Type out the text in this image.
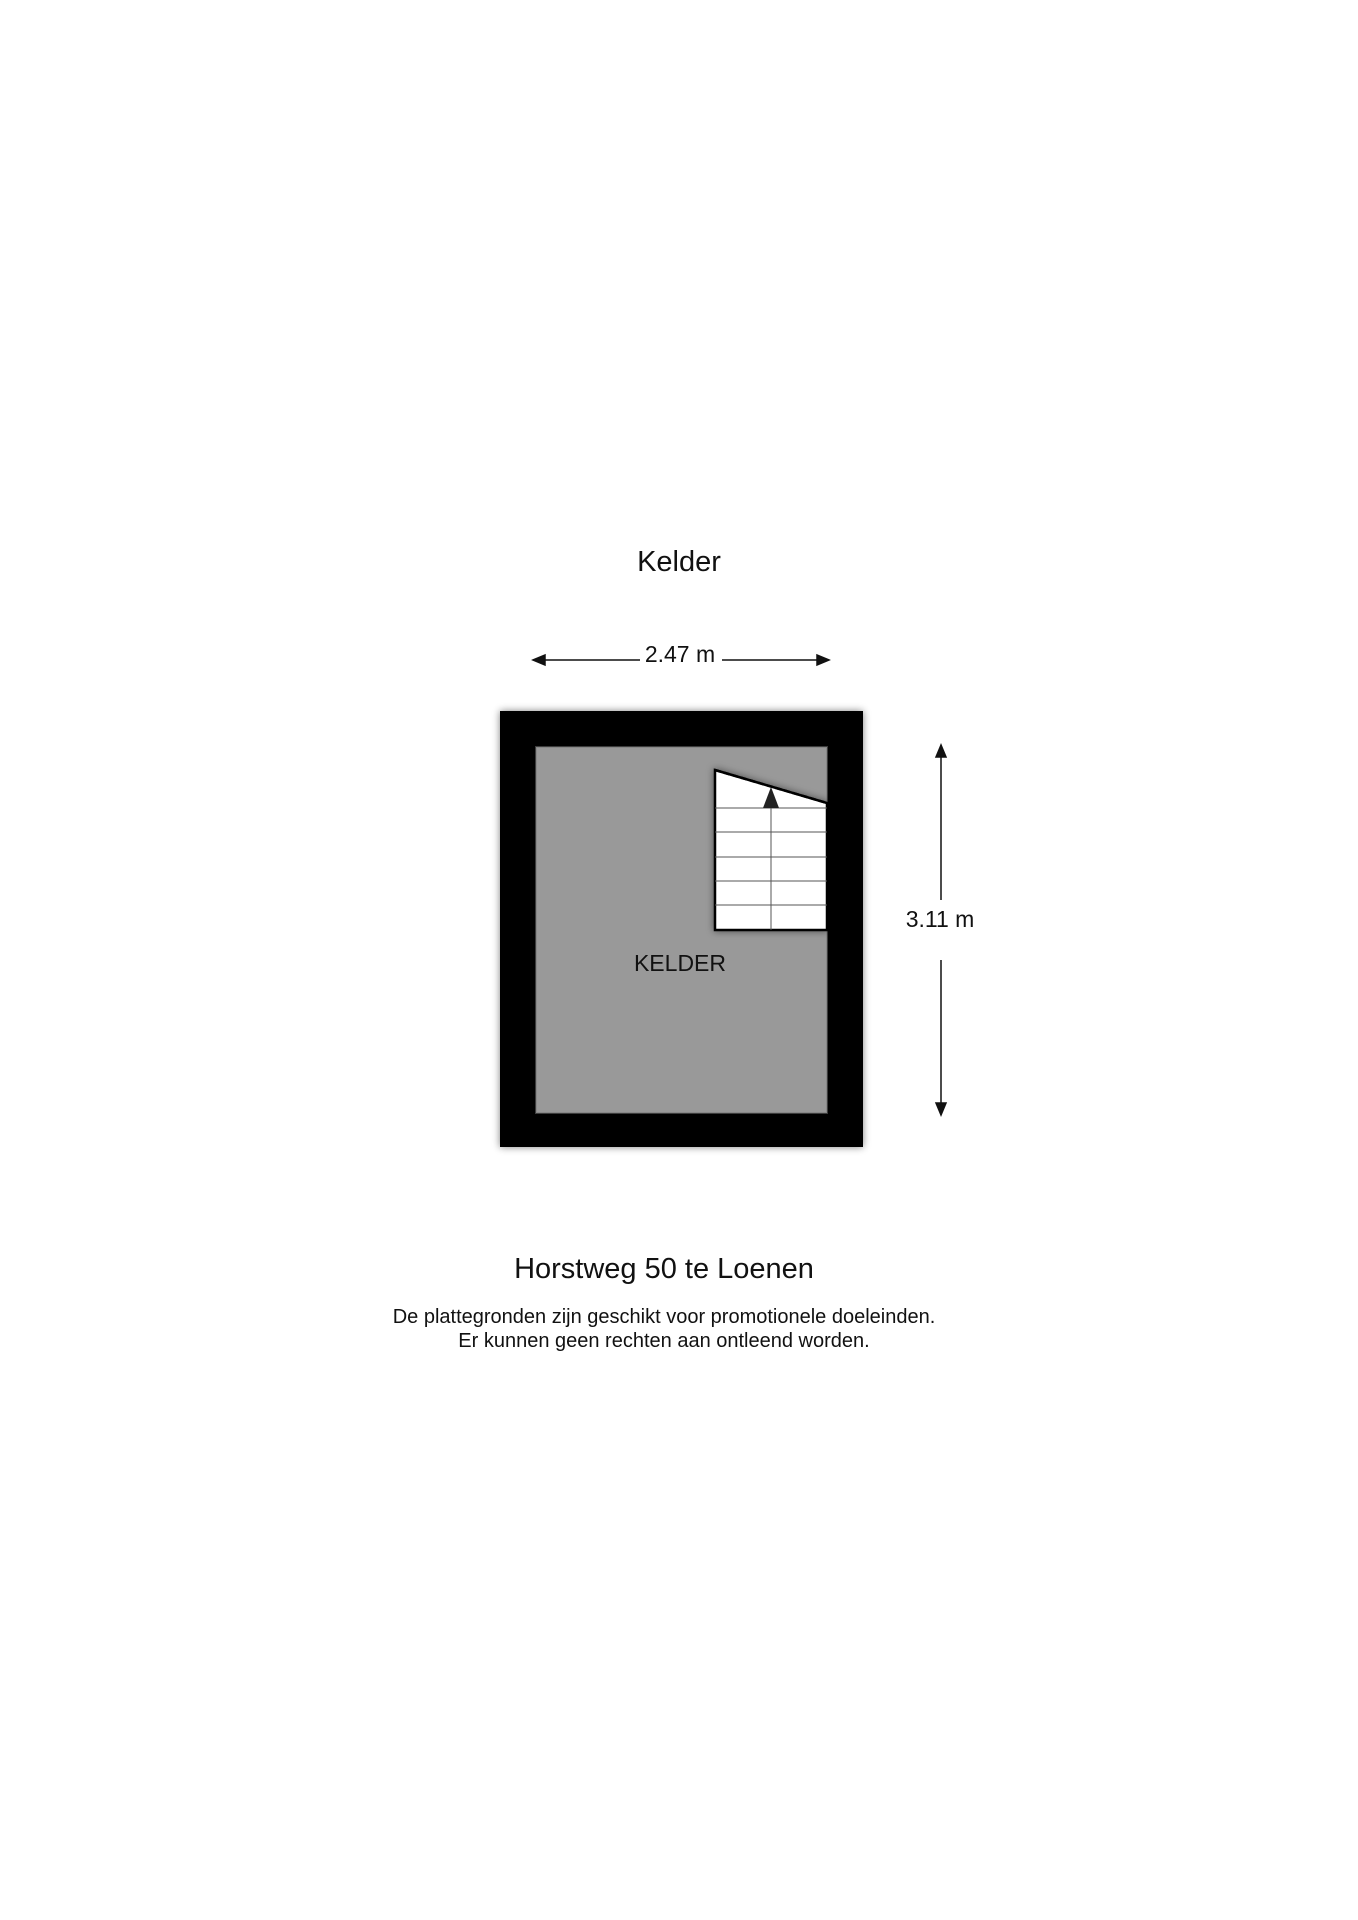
Kelder
2.47 m
3.11 m
KELDER
Horstweg 50 te Loenen
De plattegronden zijn geschikt voor promotionele doeleinden.
Er kunnen geen rechten aan ontleend worden.
